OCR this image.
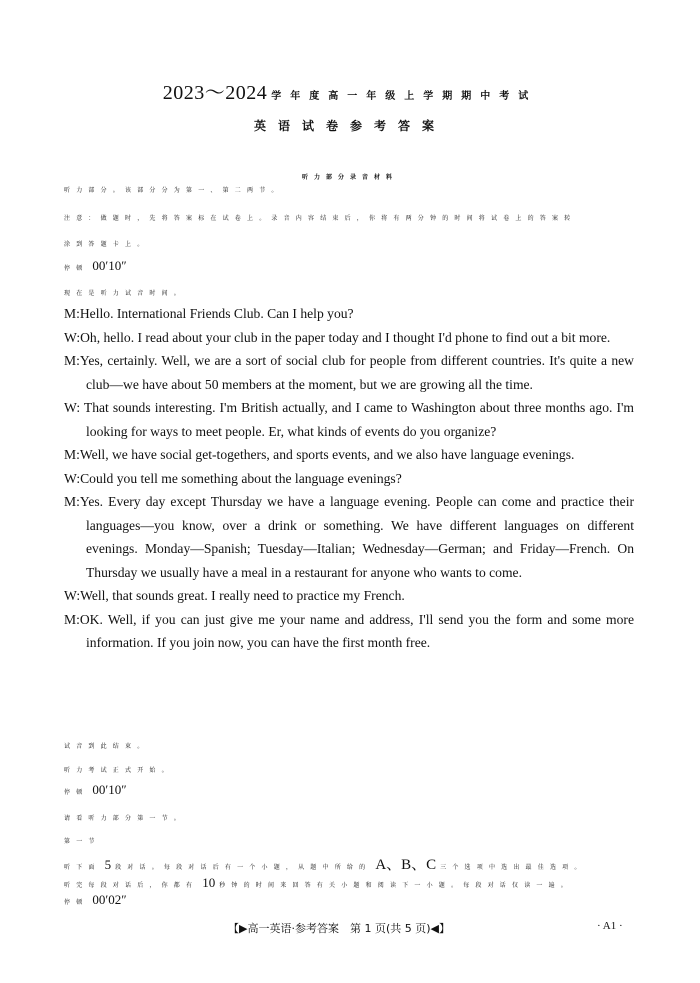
2023～2024 学年度高一年级上学期期中考试
英语试卷参考答案
听力部分录音材料
听力部分。该部分分为第一、第二两节。
注意：做题时，先将答案标在试卷上。录音内容结束后，你将有两分钟的时间将试卷上的答案转
涂到答题卡上。
停顿 00′10″
现在是听力试音时间。

M:Hello. International Friends Club. Can I help you?

W:Oh, hello. I read about your club in the paper today and I thought I'd phone to find out a bit more.

M:Yes, certainly. Well, we are a sort of social club for people from different countries. It's quite a new club—we have about 50 members at the moment, but we are growing all the time.

W: That sounds interesting. I'm British actually, and I came to Washington about three months ago. I'm looking for ways to meet people. Er, what kinds of events do you organize?

M:Well, we have social get-togethers, and sports events, and we also have language evenings.

W:Could you tell me something about the language evenings?

M:Yes. Every day except Thursday we have a language evening. People can come and practice their languages—you know, over a drink or something. We have different languages on different evenings. Monday—Spanish; Tuesday—Italian; Wednesday—German; and Friday—French. On Thursday we usually have a meal in a restaurant for anyone who wants to come.

W:Well, that sounds great. I really need to practice my French.

M:OK. Well, if you can just give me your name and address, I'll send you the form and some more information. If you join now, you can have the first month free.

试音到此结束。
听力考试正式开始。
停顿 00′10″
请看听力部分第一节。
第一节
听下面 5 段对话。每段对话后有一个小题，从题中所给的 A、B、C 三个选项中选出最佳选项。
听完每段对话后，你都有 10 秒钟的时间来回答有关小题和阅读下一小题。每段对话仅读一遍。
停顿 00′02″
【▶高一英语·参考答案　第 1 页(共 5 页)◀】	· A1 ·
